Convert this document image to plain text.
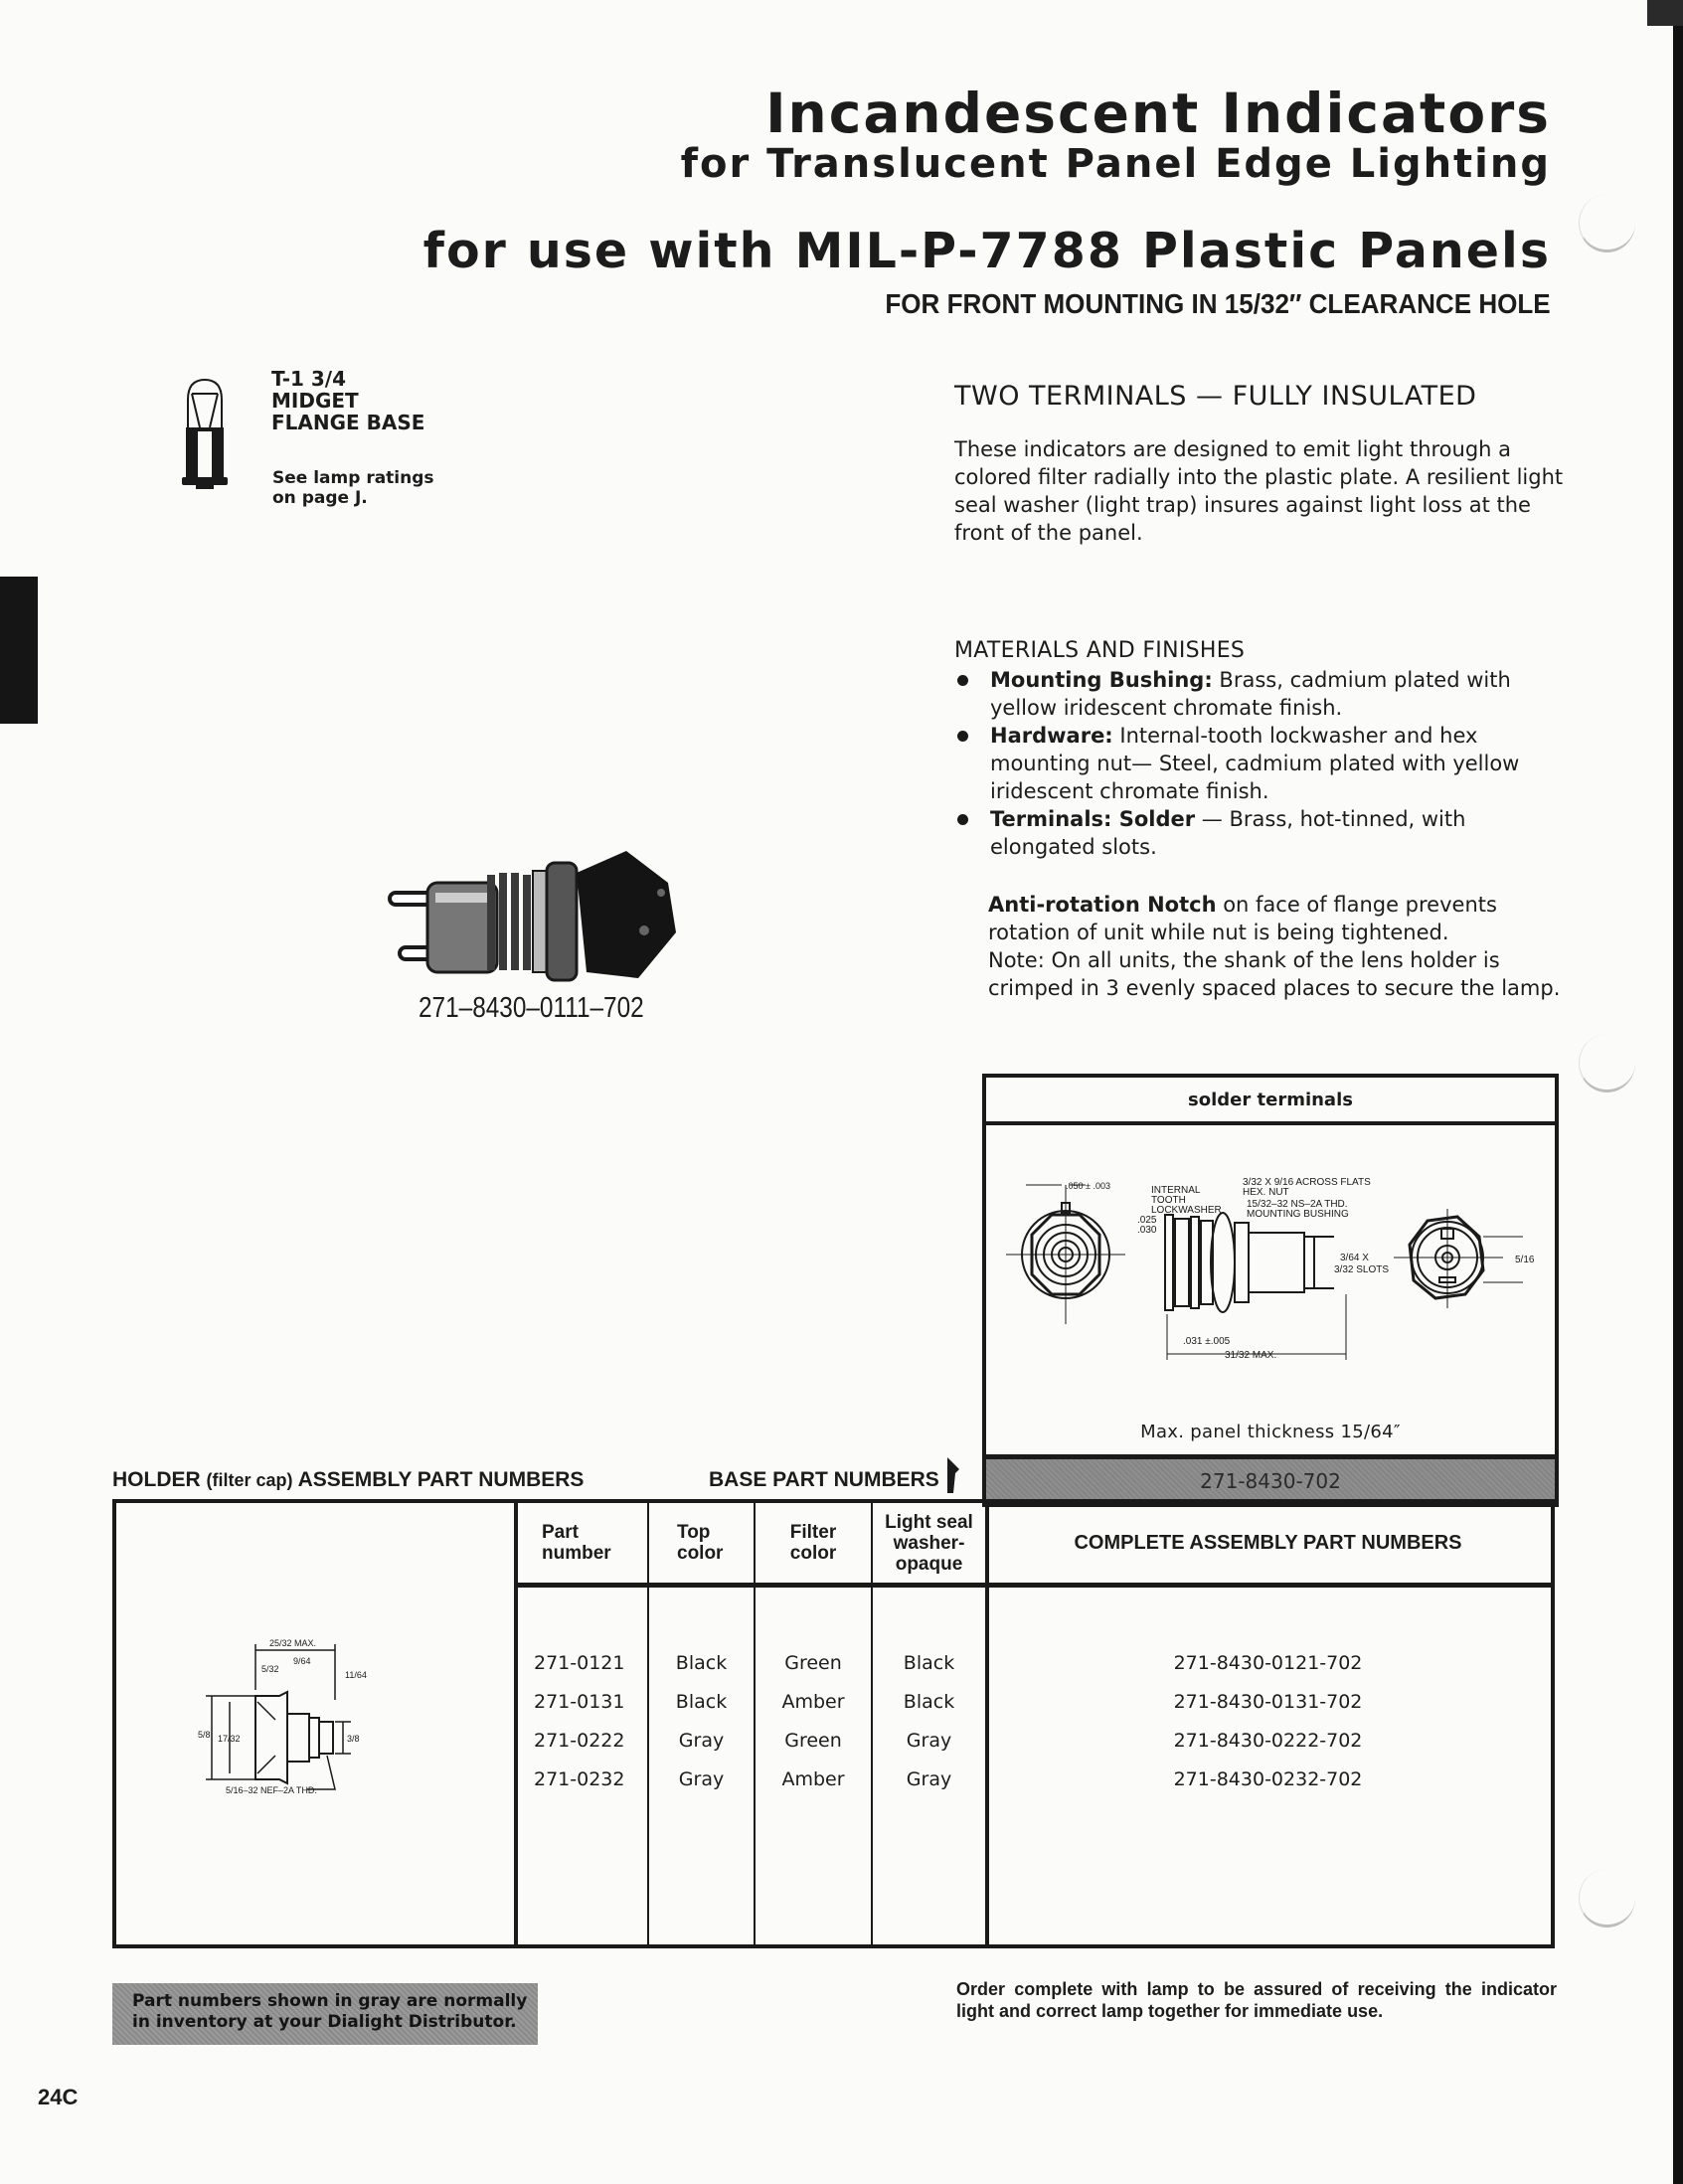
Incandescent Indicators
for Translucent Panel Edge Lighting
for use with MIL-P-7788 Plastic Panels
FOR FRONT MOUNTING IN 15/32″ CLEARANCE HOLE
T-1 3/4
MIDGET
FLANGE BASE
See lamp ratings
on page J.
271–8430–0111–702
TWO TERMINALS — FULLY INSULATED
These indicators are designed to emit light through a colored filter radially into the plastic plate. A resilient light seal washer (light trap) insures against light loss at the front of the panel.
MATERIALS AND FINISHES
Mounting Bushing: Brass, cadmium plated with yellow iridescent chromate finish.
Hardware: Internal-tooth lockwasher and hex mounting nut— Steel, cadmium plated with yellow iridescent chromate finish.
Terminals: Solder — Brass, hot-tinned, with elongated slots.
Anti-rotation Notch on face of flange prevents rotation of unit while nut is being tightened.
Note: On all units, the shank of the lens holder is crimped in 3 evenly spaced places to secure the lamp.
solder terminals
INTERNAL
TOOTH
LOCKWASHER
3/32 X 9/16 ACROSS FLATS
HEX. NUT
15/32–32 NS–2A THD.
MOUNTING BUSHING
.025
.030
3/64 X
3/32 SLOTS
.031 ±.005
31/32 MAX.
.050 ± .003
5/16
Max. panel thickness 15/64″
271-8430-702
HOLDER (filter cap) ASSEMBLY PART NUMBERS	BASE PART NUMBERS
25/32 MAX.
5/32
9/64
11/64
5/8 17/32	3/8
5/16–32 NEF–2A THD.
Part
number
271-0121
271-0131
271-0222
271-0232
Top
color
Black
Black
Gray
Gray
Filter
color
Green
Amber
Green
Amber
Light seal
washer-
opaque
Black
Black
Gray
Gray
COMPLETE ASSEMBLY PART NUMBERS
271-8430-0121-702
271-8430-0131-702
271-8430-0222-702
271-8430-0232-702
Part numbers shown in gray are normally
in inventory at your Dialight Distributor.
Order complete with lamp to be assured of receiving the indicator light and correct lamp together for immediate use.
24C
